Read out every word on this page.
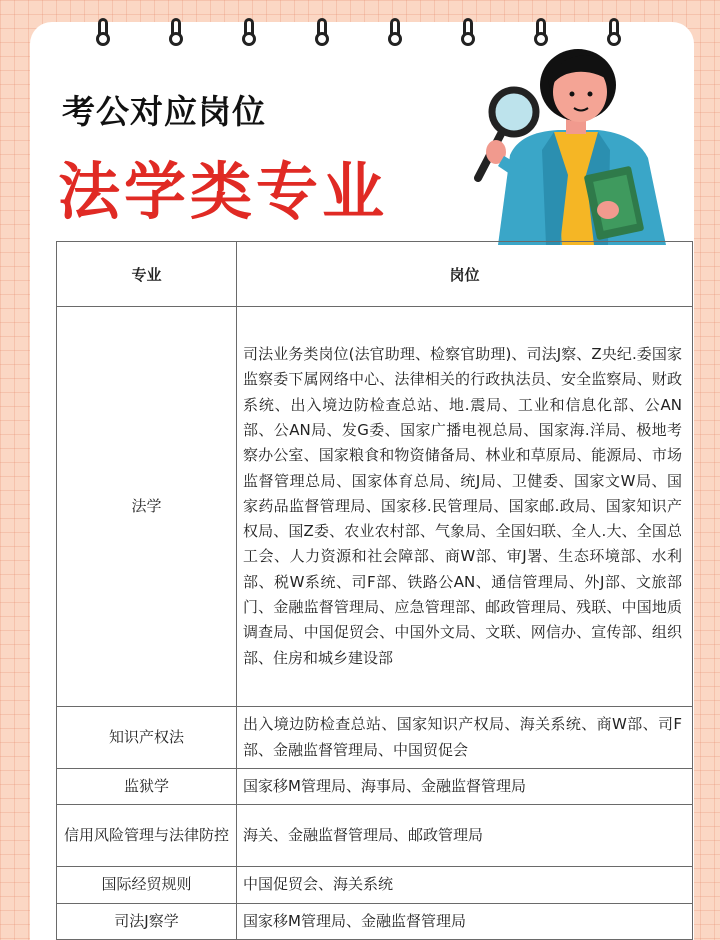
考公对应岗位
法学类专业
专业	岗位
法学	司法业务类岗位(法官助理、检察官助理)、司法J察、Z央纪.委国家监察委下属网络中心、法律相关的行政执法员、安全监察局、财政系统、出入境边防检查总站、地.震局、工业和信息化部、公AN部、公AN局、发G委、国家广播电视总局、国家海.洋局、极地考察办公室、国家粮食和物资储备局、林业和草原局、能源局、市场监督管理总局、国家体育总局、统J局、卫健委、国家文W局、国家药品监督管理局、国家移.民管理局、国家邮.政局、国家知识产权局、国Z委、农业农村部、气象局、全国妇联、全人.大、全国总工会、人力资源和社会障部、商W部、审J署、生态环境部、水利部、税W系统、司F部、铁路公AN、通信管理局、外J部、文旅部门、金融监督管理局、应急管理部、邮政管理局、残联、中国地质调查局、中国促贸会、中国外文局、文联、网信办、宣传部、组织部、住房和城乡建设部
知识产权法	出入境边防检查总站、国家知识产权局、海关系统、商W部、司F部、金融监督管理局、中国贸促会
监狱学	国家移M管理局、海事局、金融监督管理局
信用风险管理与法律防控	海关、金融监督管理局、邮政管理局
国际经贸规则	中国促贸会、海关系统
司法J察学	国家移M管理局、金融监督管理局
